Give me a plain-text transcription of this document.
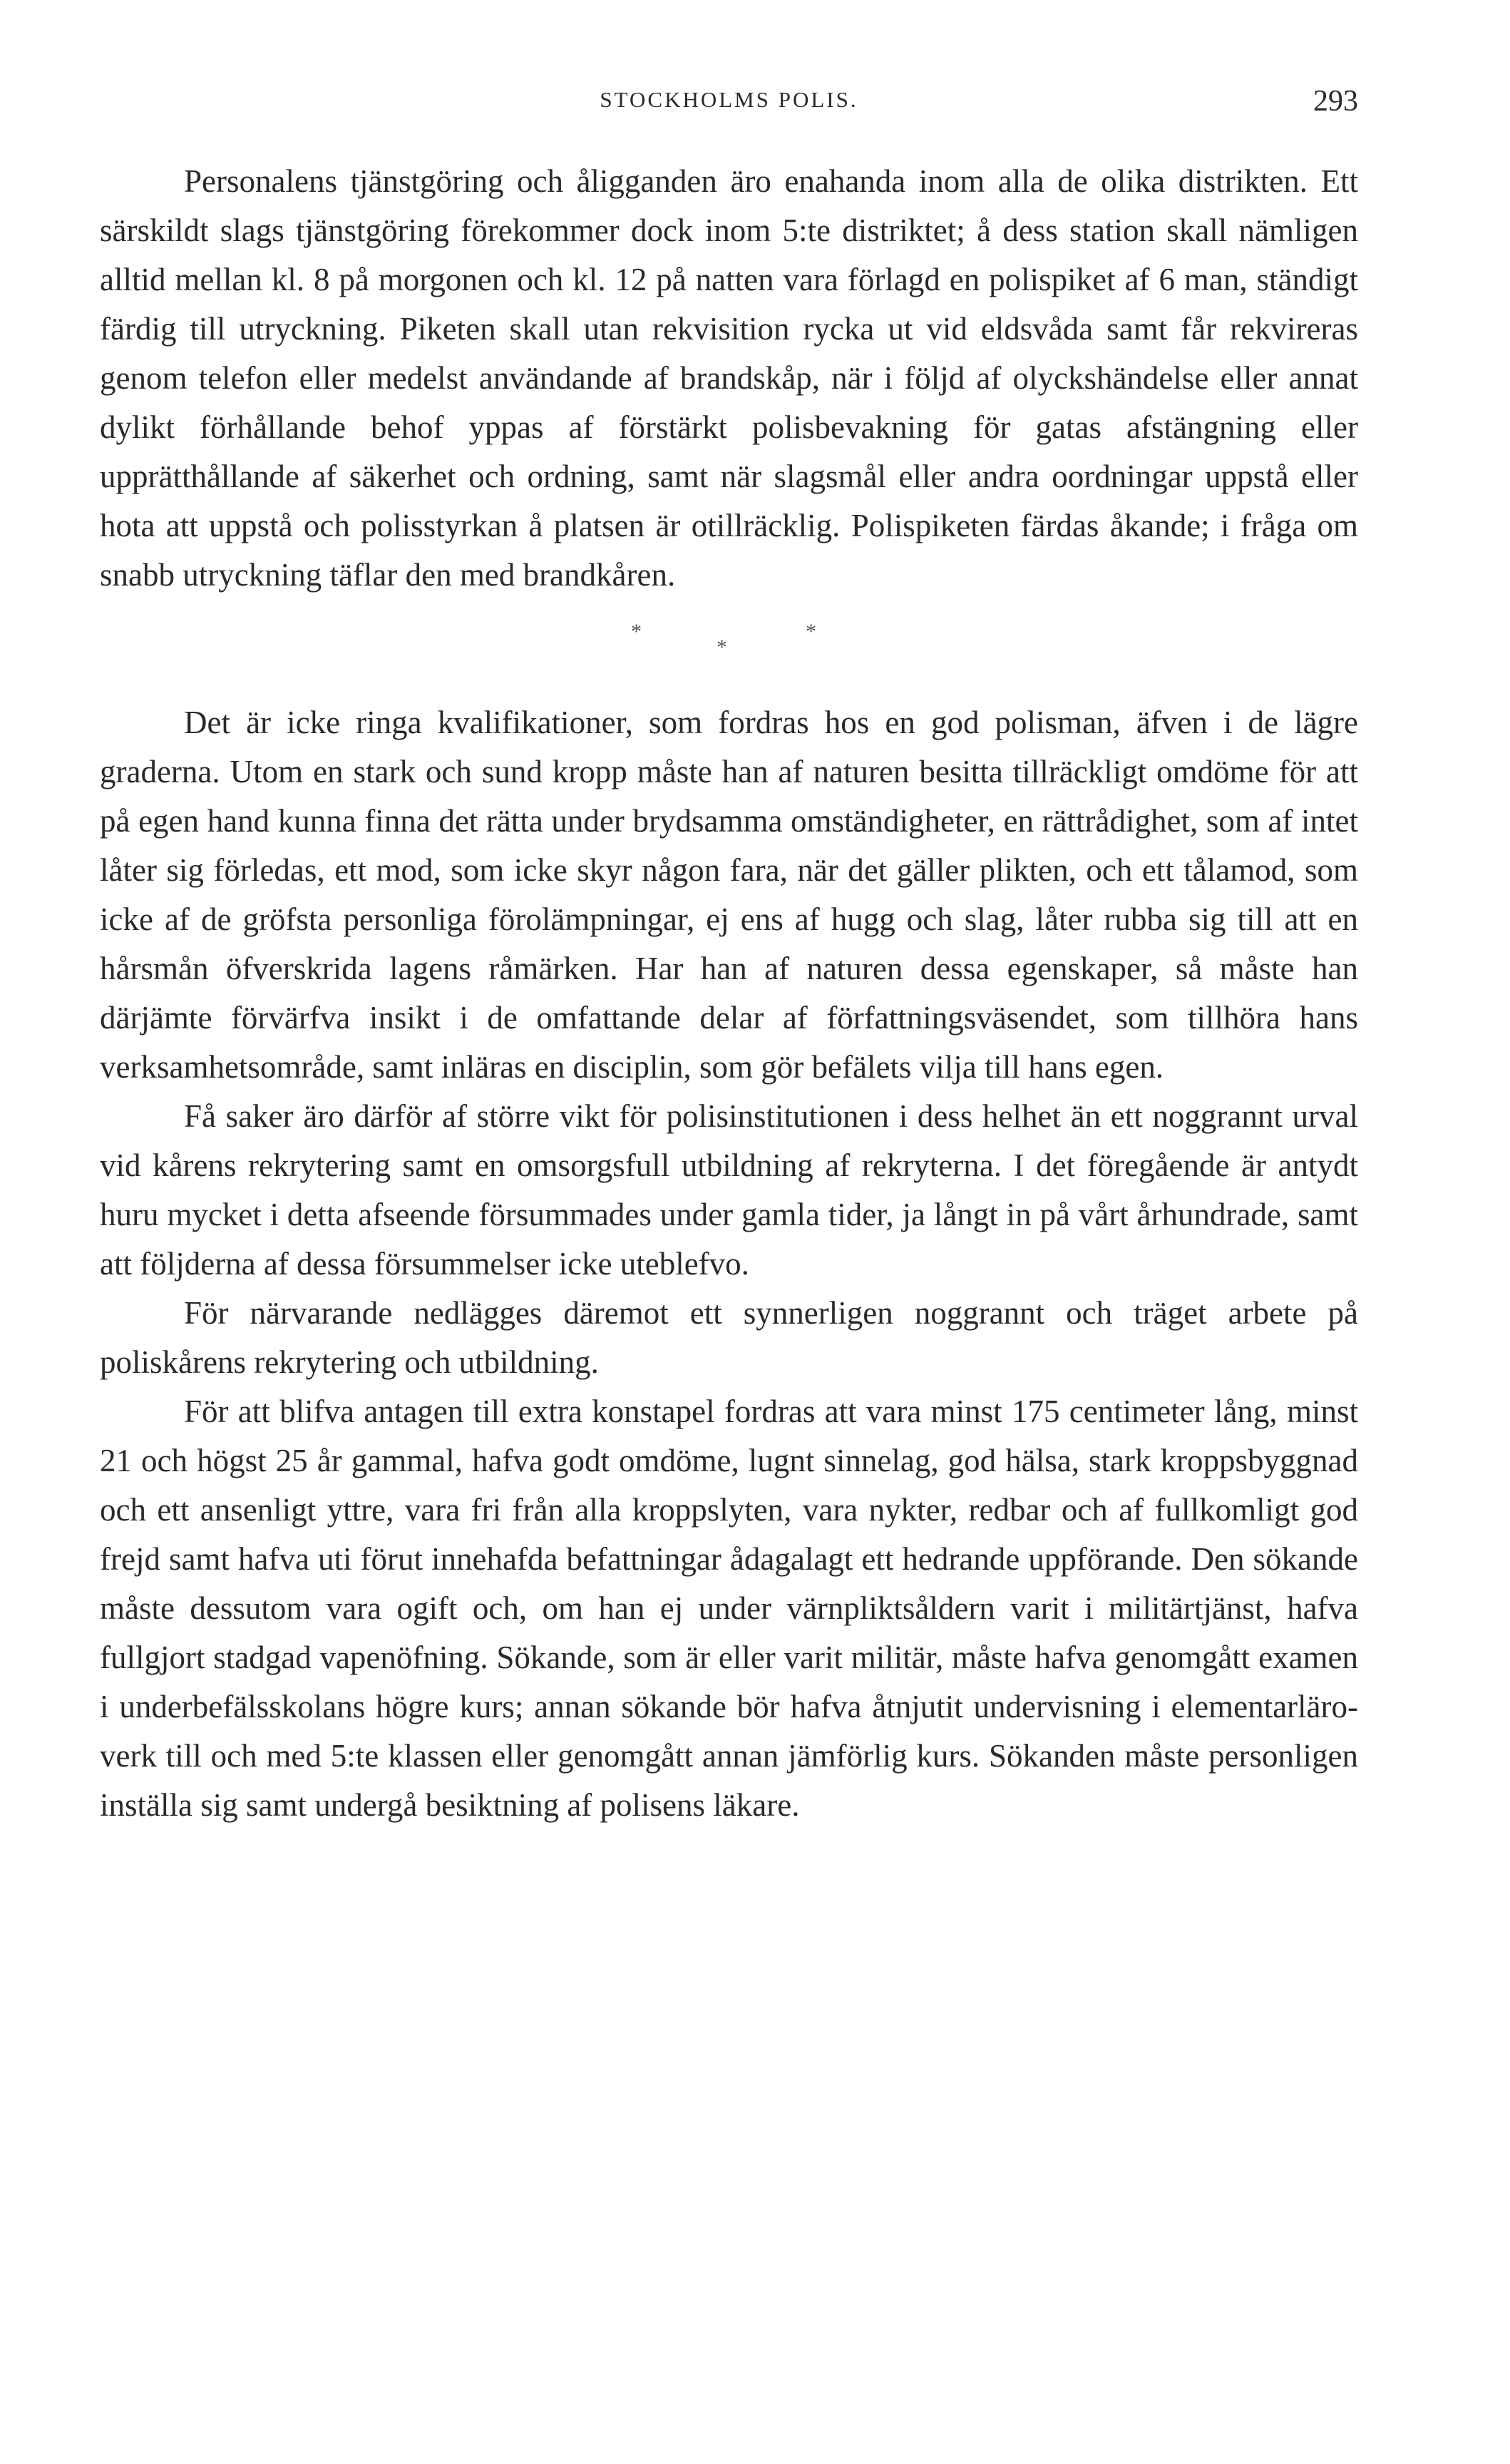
STOCKHOLMS POLIS.	293

Personalens tjänstgöring och åligganden äro enahanda inom alla de olika distrikten. Ett särskildt slags tjänstgöring förekommer dock inom 5:te distriktet; å dess station skall nämligen alltid mellan kl. 8 på morgonen och kl. 12 på natten vara förlagd en polispiket af 6 man, ständigt färdig till utryckning. Piketen skall utan rekvisition rycka ut vid eldsvåda samt får rekvireras genom telefon eller medelst användande af brandskåp, när i följd af olyckshändelse eller annat dylikt förhållande behof yppas af förstärkt polisbevakning för gatas afstängning eller upprätthållande af säkerhet och ordning, samt när slagsmål eller andra oordningar uppstå eller hota att uppstå och polisstyrkan å platsen är otillräcklig. Polispiketen färdas åkande; i fråga om snabb utryckning täflar den med brandkåren.

*
*
*

Det är icke ringa kvalifikationer, som fordras hos en god polisman, äfven i de lägre graderna. Utom en stark och sund kropp måste han af naturen besitta tillräckligt omdöme för att på egen hand kunna finna det rätta under brydsamma omständigheter, en rättrådighet, som af intet låter sig förledas, ett mod, som icke skyr någon fara, när det gäller plikten, och ett tålamod, som icke af de gröfsta personliga förolämpningar, ej ens af hugg och slag, låter rubba sig till att en hårsmån öfverskrida lagens råmärken. Har han af naturen dessa egenskaper, så måste han därjämte förvärfva insikt i de omfattande delar af författningsväsendet, som tillhöra hans verksamhetsområde, samt inläras en disciplin, som gör befälets vilja till hans egen.

Få saker äro därför af större vikt för polisinstitutionen i dess helhet än ett noggrannt urval vid kårens rekrytering samt en omsorgsfull utbildning af rekryterna. I det föregående är antydt huru mycket i detta afseende försummades under gamla tider, ja långt in på vårt århundrade, samt att följderna af dessa försummelser icke uteblefvo.

För närvarande nedlägges däremot ett synnerligen noggrannt och träget arbete på poliskårens rekrytering och utbildning.

För att blifva antagen till extra konstapel fordras att vara minst 175 centimeter lång, minst 21 och högst 25 år gammal, hafva godt omdöme, lugnt sinnelag, god hälsa, stark kroppsbyggnad och ett ansenligt yttre, vara fri från alla kroppslyten, vara nykter, redbar och af fullkomligt god frejd samt hafva uti förut innehafda befattningar ådagalagt ett hedrande uppförande. Den sökande måste dessutom vara ogift och, om han ej under värnpliktsåldern varit i militärtjänst, hafva fullgjort stadgad vapenöfning. Sökande, som är eller varit militär, måste hafva genomgått examen i underbefälsskolans högre kurs; annan sökande bör hafva åtnjutit undervisning i elementarläroverk till och med 5:te klassen eller genomgått annan jämförlig kurs. Sökanden måste personligen inställa sig samt undergå besiktning af polisens läkare.
